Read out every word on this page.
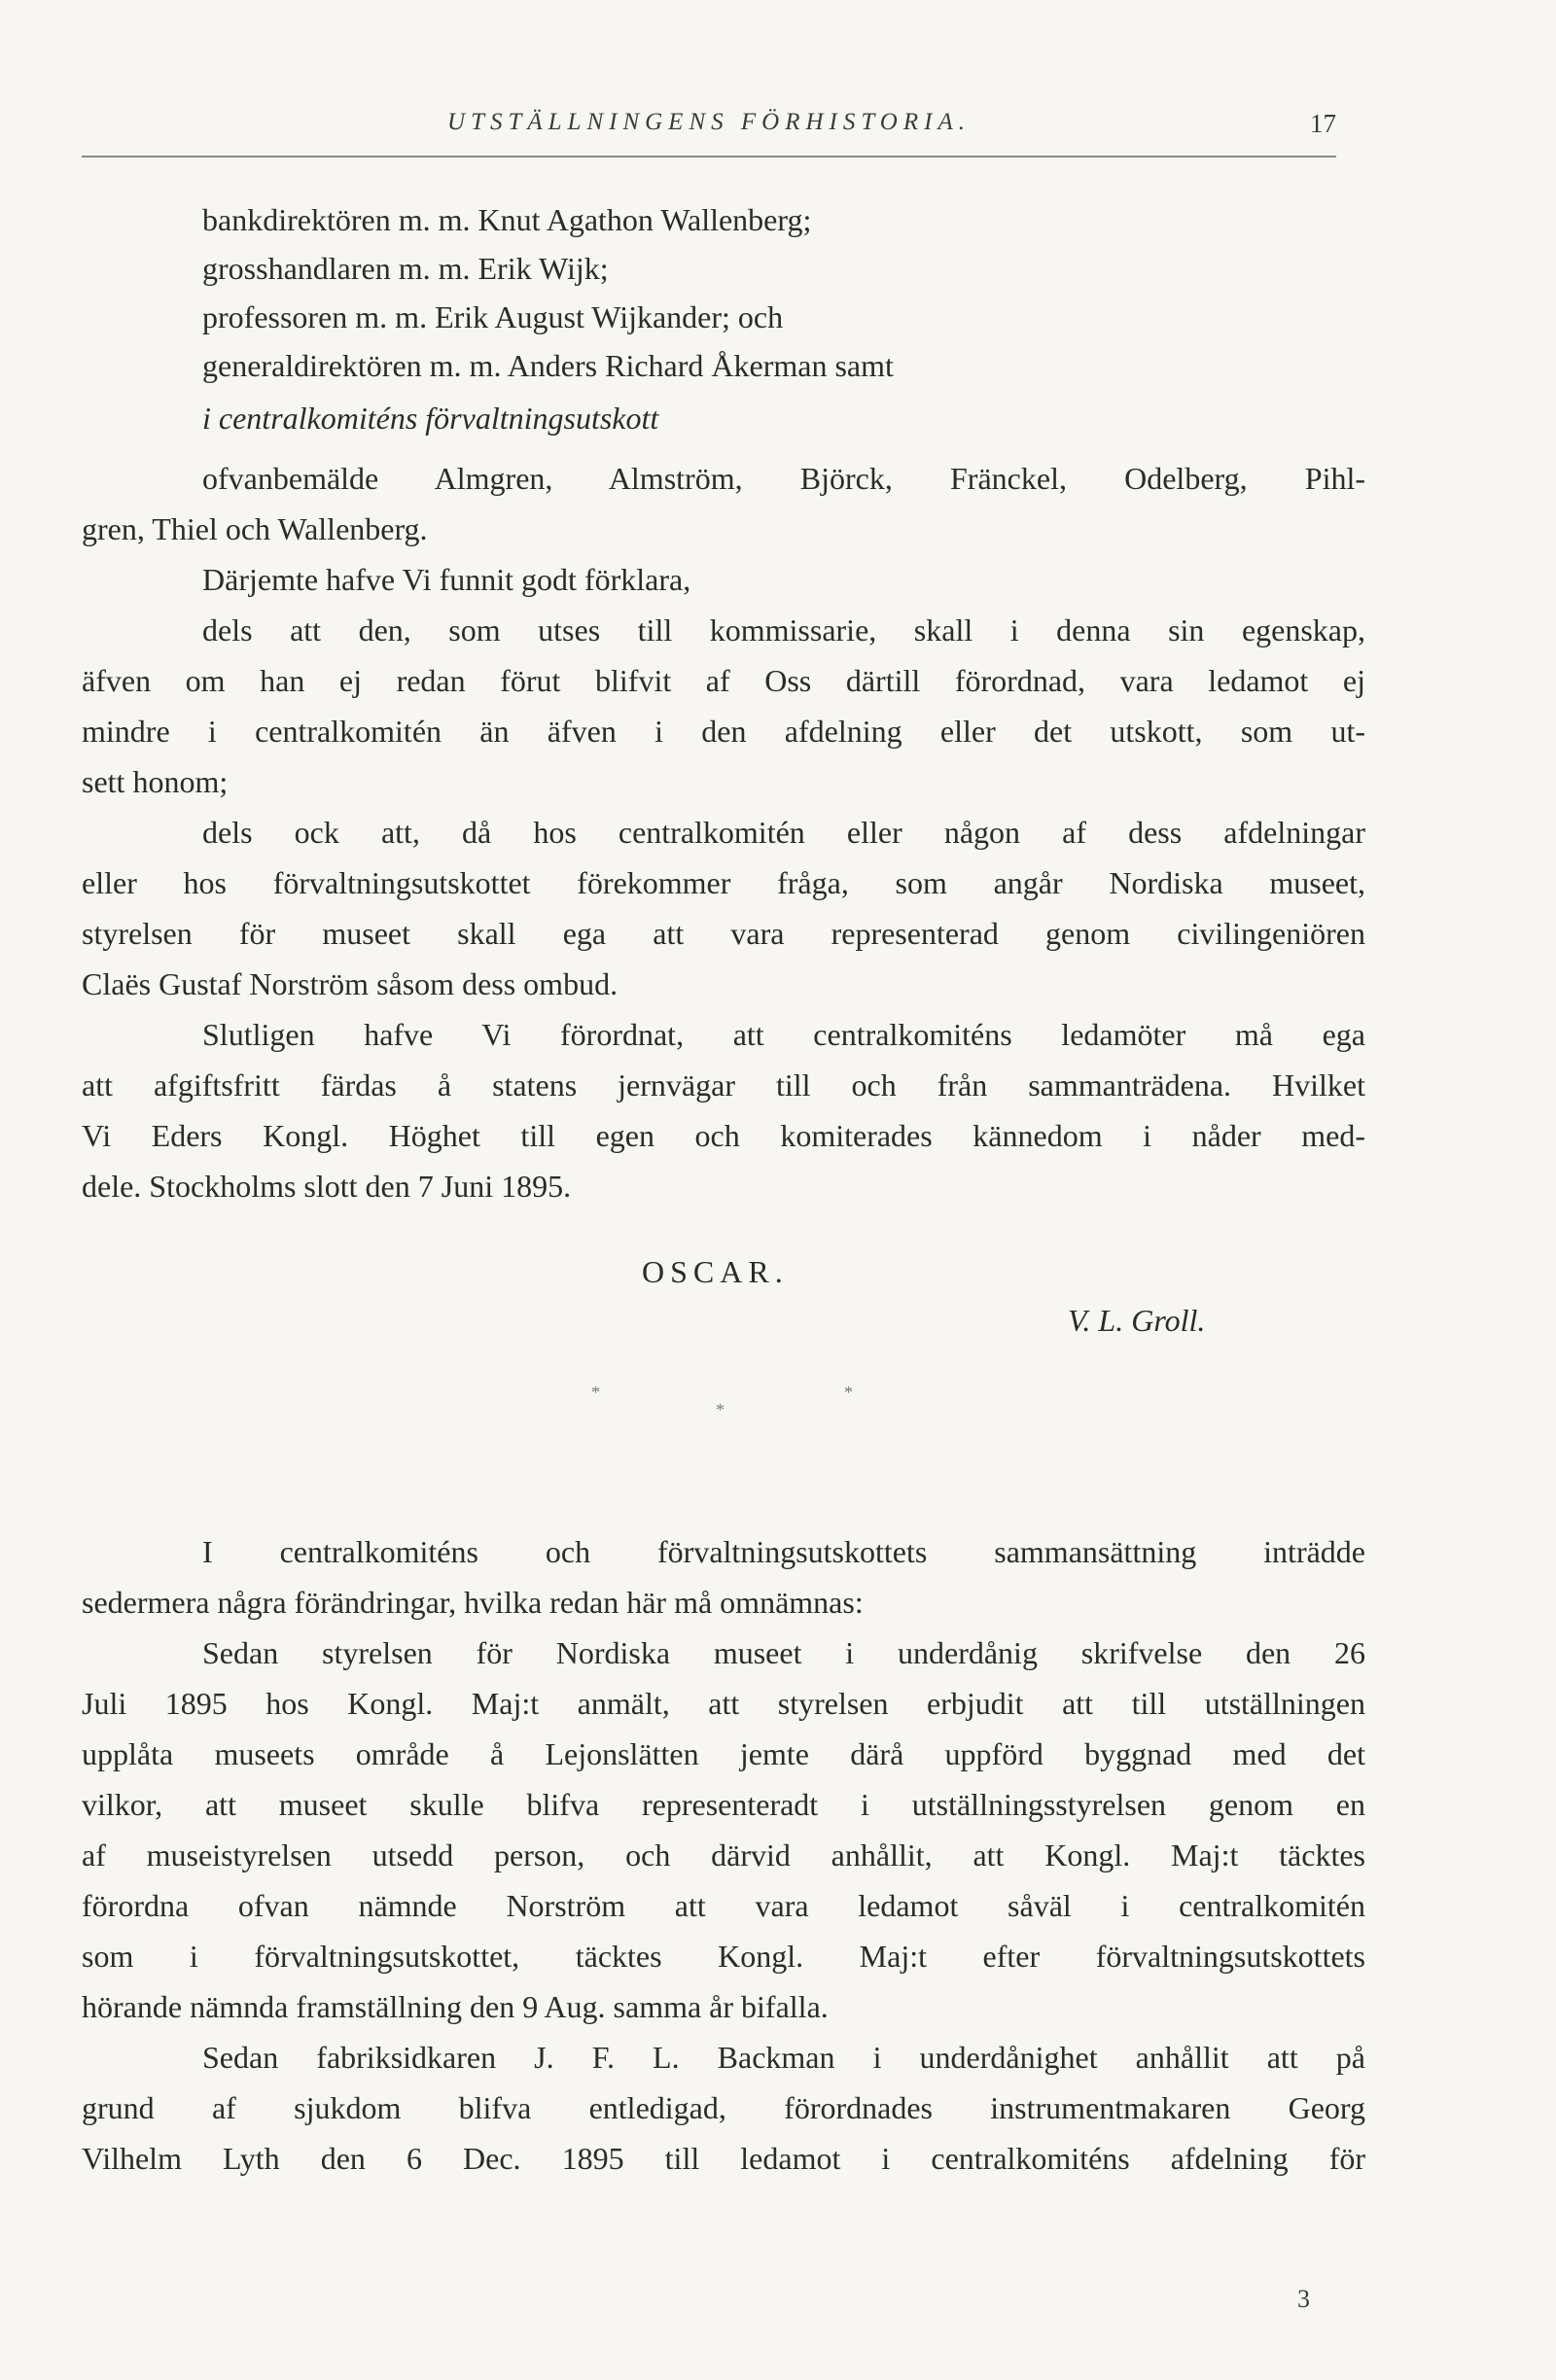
UTSTÄLLNINGENS FÖRHISTORIA.	17
bankdirektören m. m. Knut Agathon Wallenberg;
grosshandlaren m. m. Erik Wijk;
professoren m. m. Erik August Wijkander; och
generaldirektören m. m. Anders Richard Åkerman samt
i centralkomiténs förvaltningsutskott
ofvanbemälde Almgren, Almström, Björck, Fränckel, Odelberg, Pihl-
gren, Thiel och Wallenberg.
Därjemte hafve Vi funnit godt förklara,
dels att den, som utses till kommissarie, skall i denna sin egenskap,
äfven om han ej redan förut blifvit af Oss därtill förordnad, vara ledamot ej
mindre i centralkomitén än äfven i den afdelning eller det utskott, som ut-
sett honom;
dels ock att, då hos centralkomitén eller någon af dess afdelningar
eller hos förvaltningsutskottet förekommer fråga, som angår Nordiska museet,
styrelsen för museet skall ega att vara representerad genom civilingeniören
Claës Gustaf Norström såsom dess ombud.
Slutligen hafve Vi förordnat, att centralkomiténs ledamöter må ega
att afgiftsfritt färdas å statens jernvägar till och från sammanträdena. Hvilket
Vi Eders Kongl. Höghet till egen och komiterades kännedom i nåder med-
dele. Stockholms slott den 7 Juni 1895.
OSCAR.
V. L. Groll.
*
*
*
I centralkomiténs och förvaltningsutskottets sammansättning inträdde
sedermera några förändringar, hvilka redan här må omnämnas:
Sedan styrelsen för Nordiska museet i underdånig skrifvelse den 26
Juli 1895 hos Kongl. Maj:t anmält, att styrelsen erbjudit att till utställningen
upplåta museets område å Lejonslätten jemte därå uppförd byggnad med det
vilkor, att museet skulle blifva representeradt i utställningsstyrelsen genom en
af museistyrelsen utsedd person, och därvid anhållit, att Kongl. Maj:t täcktes
förordna ofvan nämnde Norström att vara ledamot såväl i centralkomitén
som i förvaltningsutskottet, täcktes Kongl. Maj:t efter förvaltningsutskottets
hörande nämnda framställning den 9 Aug. samma år bifalla.
Sedan fabriksidkaren J. F. L. Backman i underdånighet anhållit att på
grund af sjukdom blifva entledigad, förordnades instrumentmakaren Georg
Vilhelm Lyth den 6 Dec. 1895 till ledamot i centralkomiténs afdelning för
3
